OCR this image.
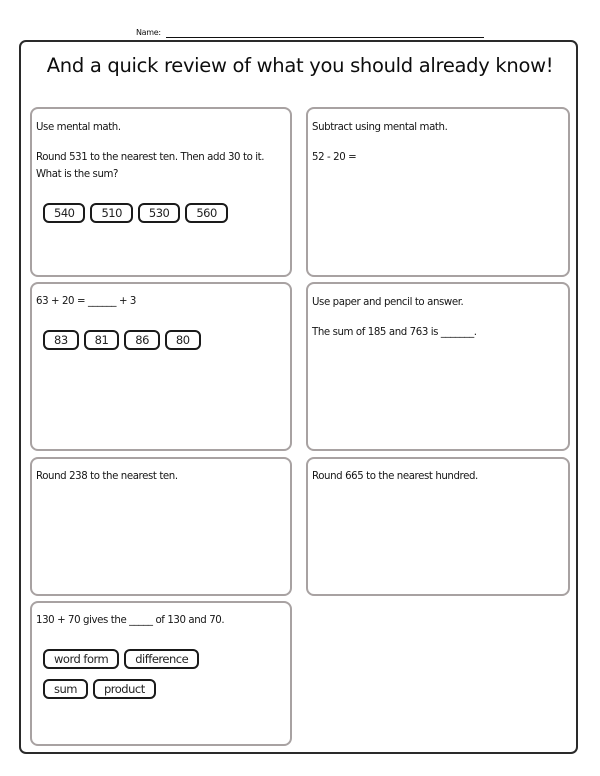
Name:
And a quick review of what you should already know!
Use mental math.
Round 531 to the nearest ten. Then add 30 to it. What is the sum?
540	510	530	560
Subtract using mental math.
52 - 20 =
63 + 20 = ______ + 3
83	81	86	80
Use paper and pencil to answer.
The sum of 185 and 763 is _______.
Round 238 to the nearest ten.	Round 665 to the nearest hundred.
130 + 70 gives the _____ of 130 and 70.
word form	difference
sum	product
